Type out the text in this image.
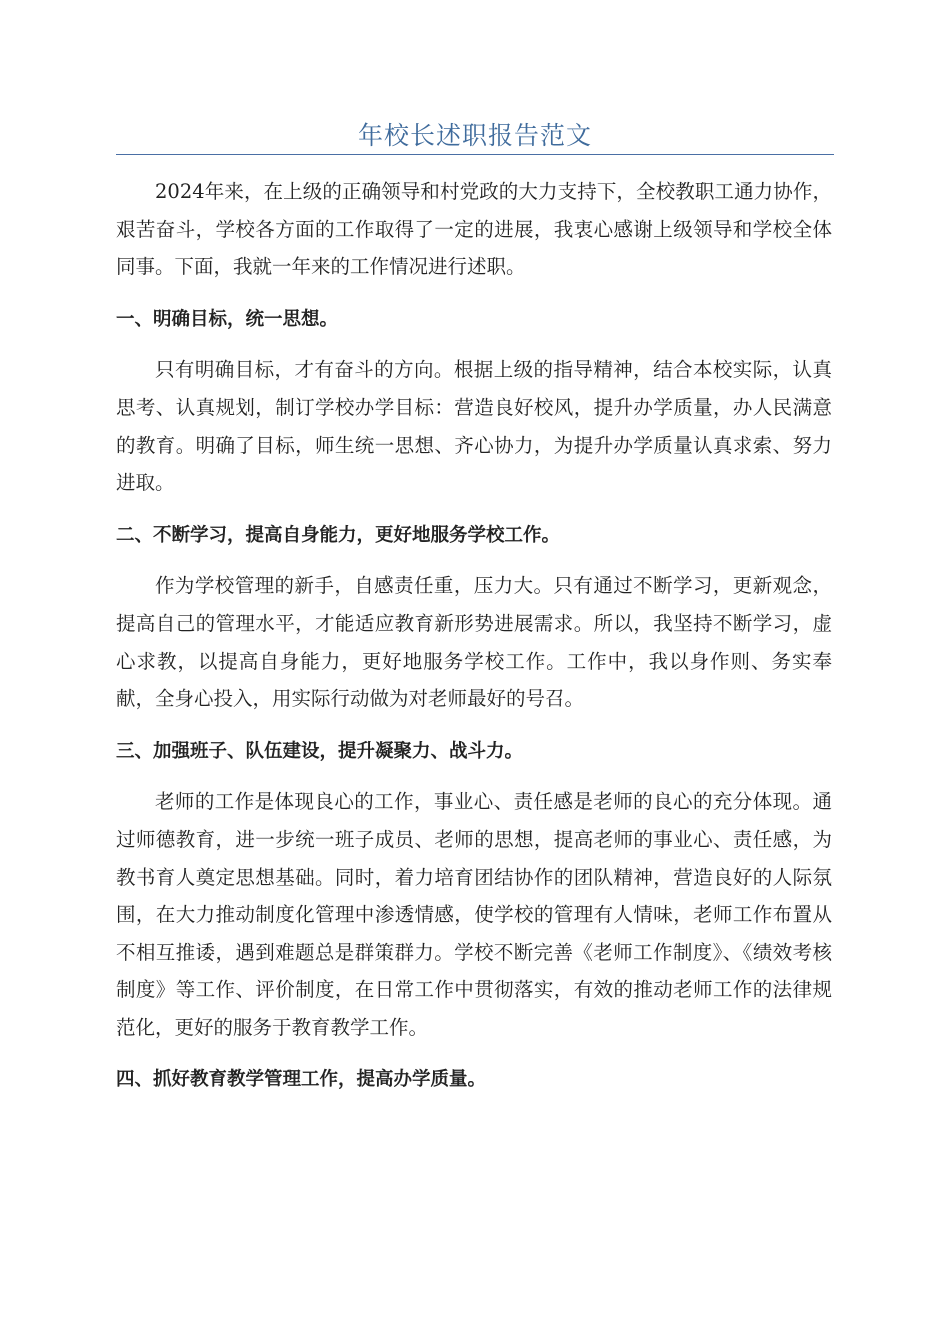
年校长述职报告范文

2024年来，在上级的正确领导和村党政的大力支持下，全校教职工通力协作，艰苦奋斗，学校各方面的工作取得了一定的进展，我衷心感谢上级领导和学校全体同事。下面，我就一年来的工作情况进行述职。

一、明确目标，统一思想。

只有明确目标，才有奋斗的方向。根据上级的指导精神，结合本校实际，认真思考、认真规划，制订学校办学目标：营造良好校风，提升办学质量，办人民满意的教育。明确了目标，师生统一思想、齐心协力，为提升办学质量认真求索、努力进取。

二、不断学习，提高自身能力，更好地服务学校工作。

作为学校管理的新手，自感责任重，压力大。只有通过不断学习，更新观念，提高自己的管理水平，才能适应教育新形势进展需求。所以，我坚持不断学习，虚心求教，以提高自身能力，更好地服务学校工作。工作中，我以身作则、务实奉献，全身心投入，用实际行动做为对老师最好的号召。

三、加强班子、队伍建设，提升凝聚力、战斗力。

老师的工作是体现良心的工作，事业心、责任感是老师的良心的充分体现。通过师德教育，进一步统一班子成员、老师的思想，提高老师的事业心、责任感，为教书育人奠定思想基础。同时，着力培育团结协作的团队精神，营造良好的人际氛围，在大力推动制度化管理中渗透情感，使学校的管理有人情味，老师工作布置从不相互推诿，遇到难题总是群策群力。学校不断完善《老师工作制度》、《绩效考核制度》等工作、评价制度，在日常工作中贯彻落实，有效的推动老师工作的法律规范化，更好的服务于教育教学工作。

四、抓好教育教学管理工作，提高办学质量。
